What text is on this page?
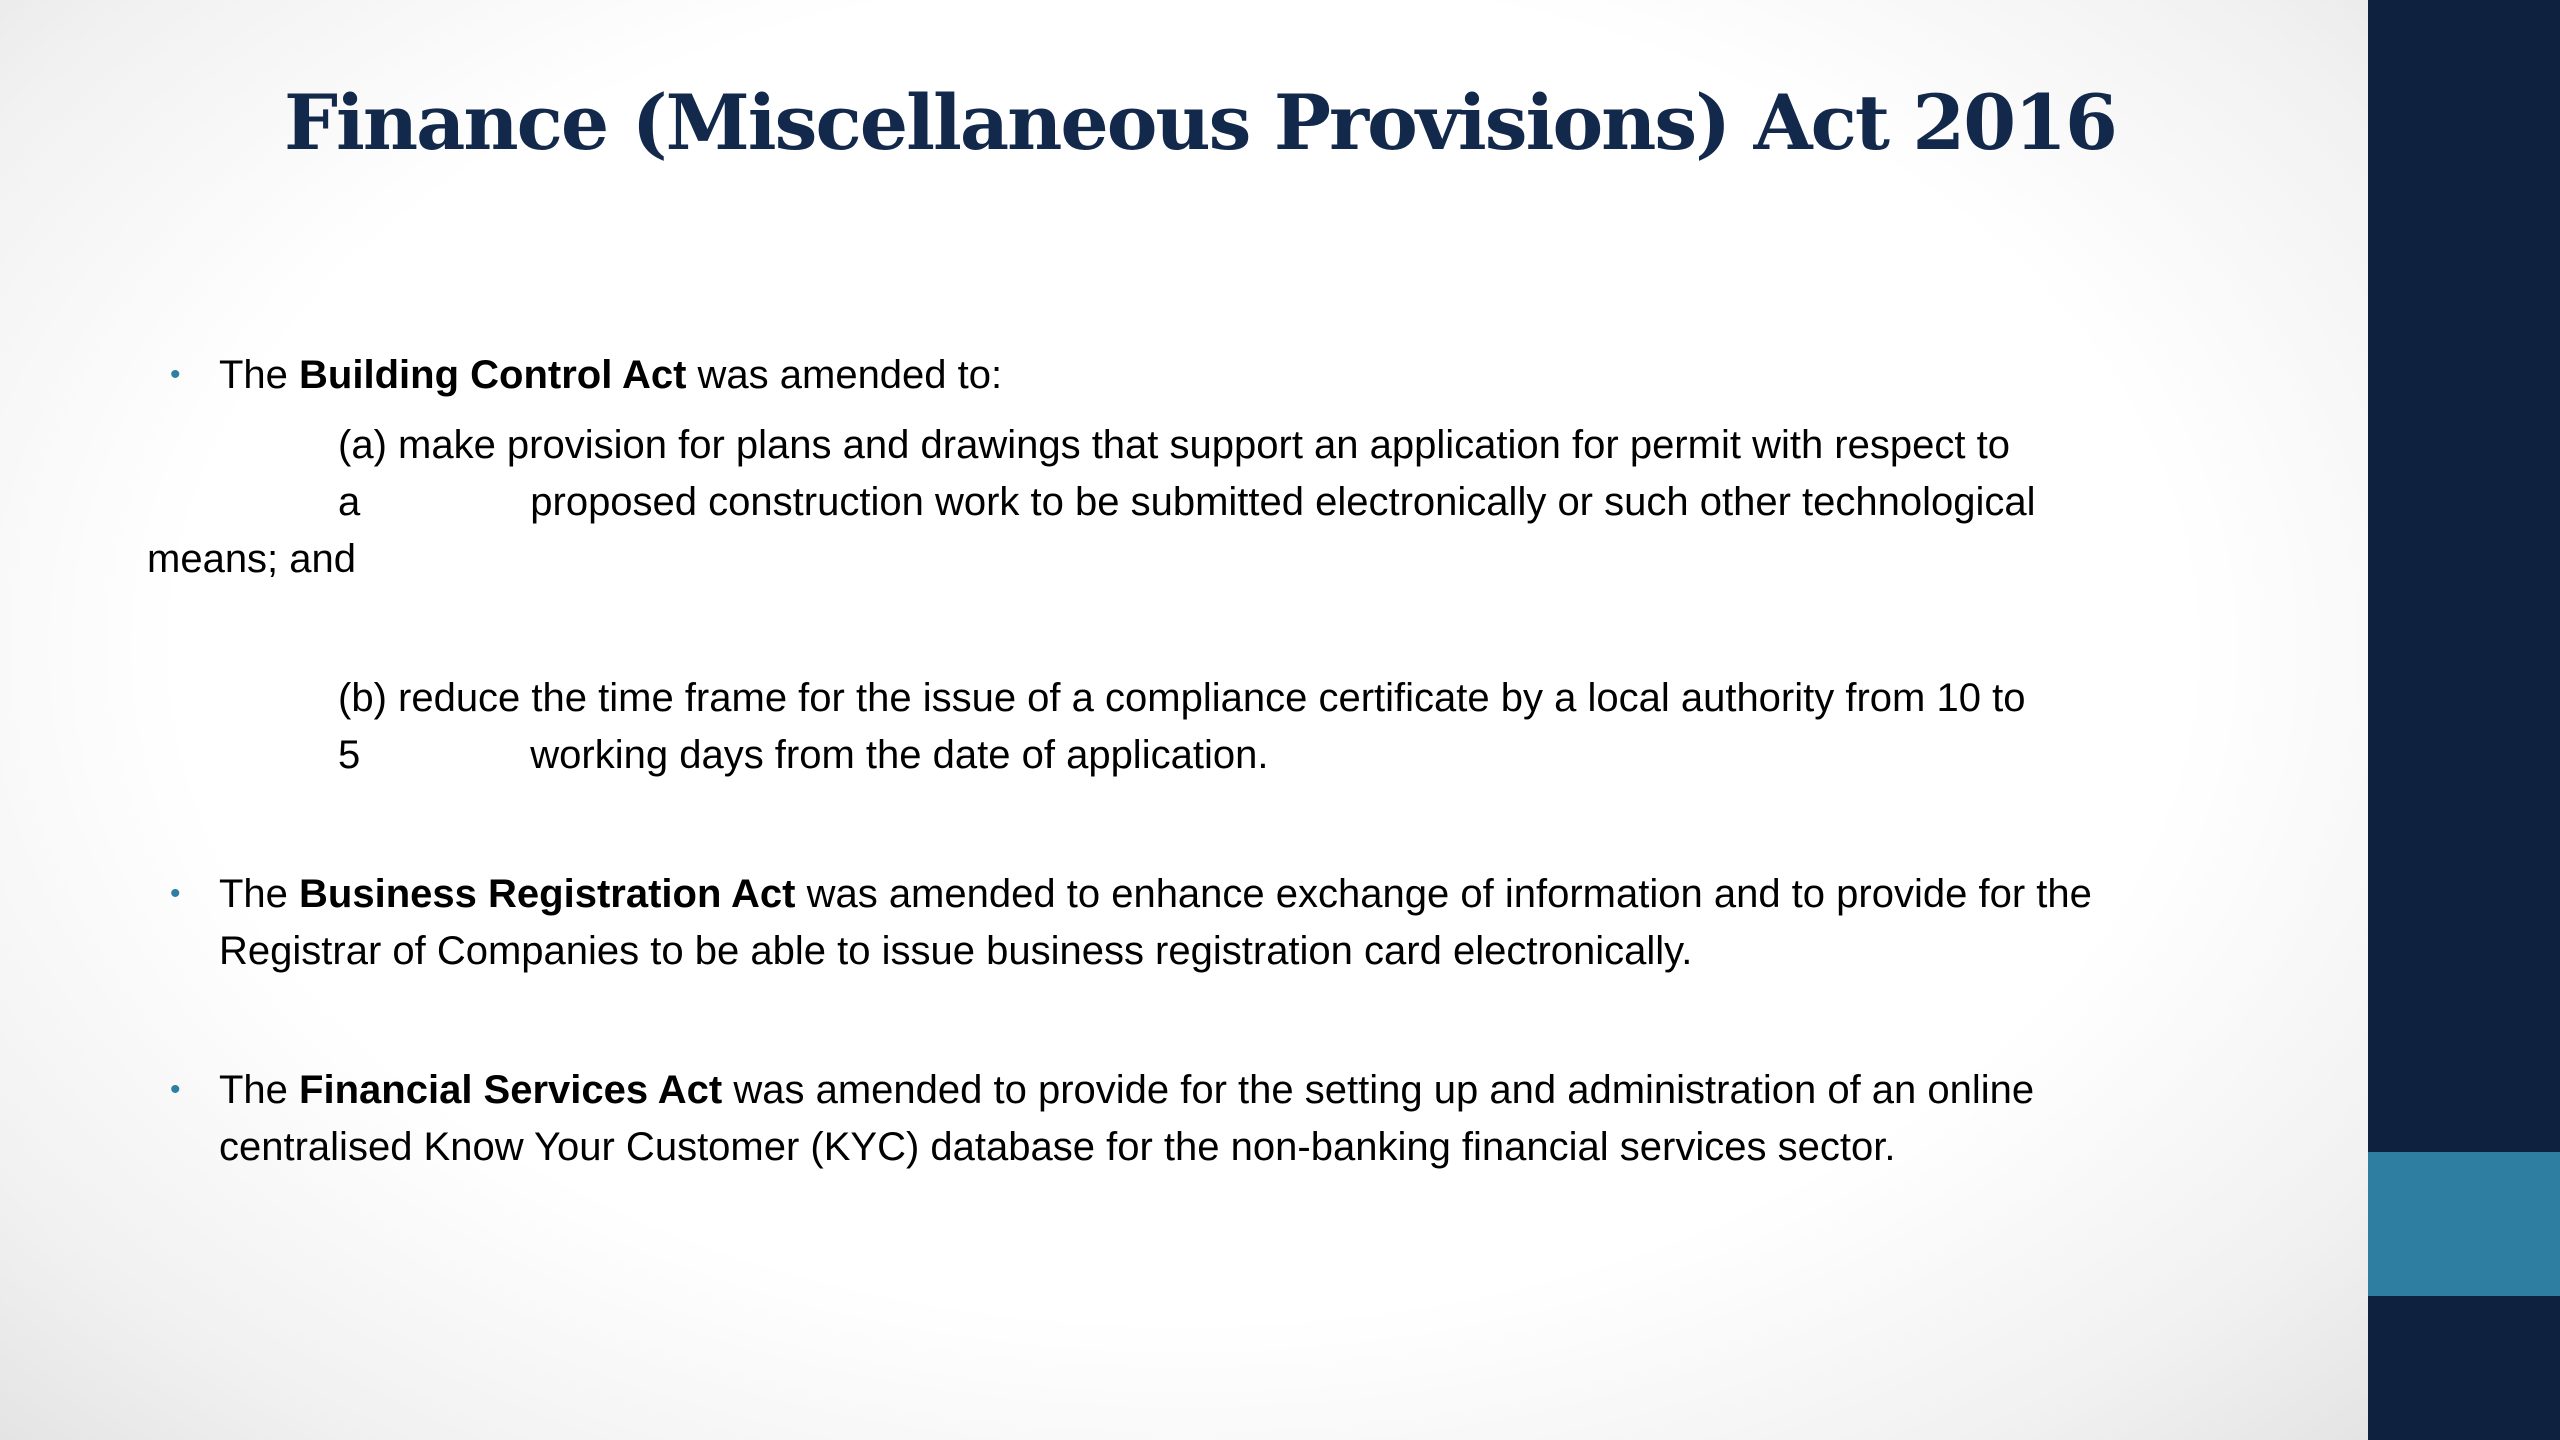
Finance (Miscellaneous Provisions) Act 2016
• The Building Control Act was amended to:
(a) make provision for plans and drawings that support an application for permit with respect to
a	proposed construction work to be submitted electronically or such other technological
means; and
(b) reduce the time frame for the issue of a compliance certificate by a local authority from 10 to
5	working days from the date of application.
• The Business Registration Act was amended to enhance exchange of information and to provide for the
Registrar of Companies to be able to issue business registration card electronically.
• The Financial Services Act was amended to provide for the setting up and administration of an online
centralised Know Your Customer (KYC) database for the non-banking financial services sector.
